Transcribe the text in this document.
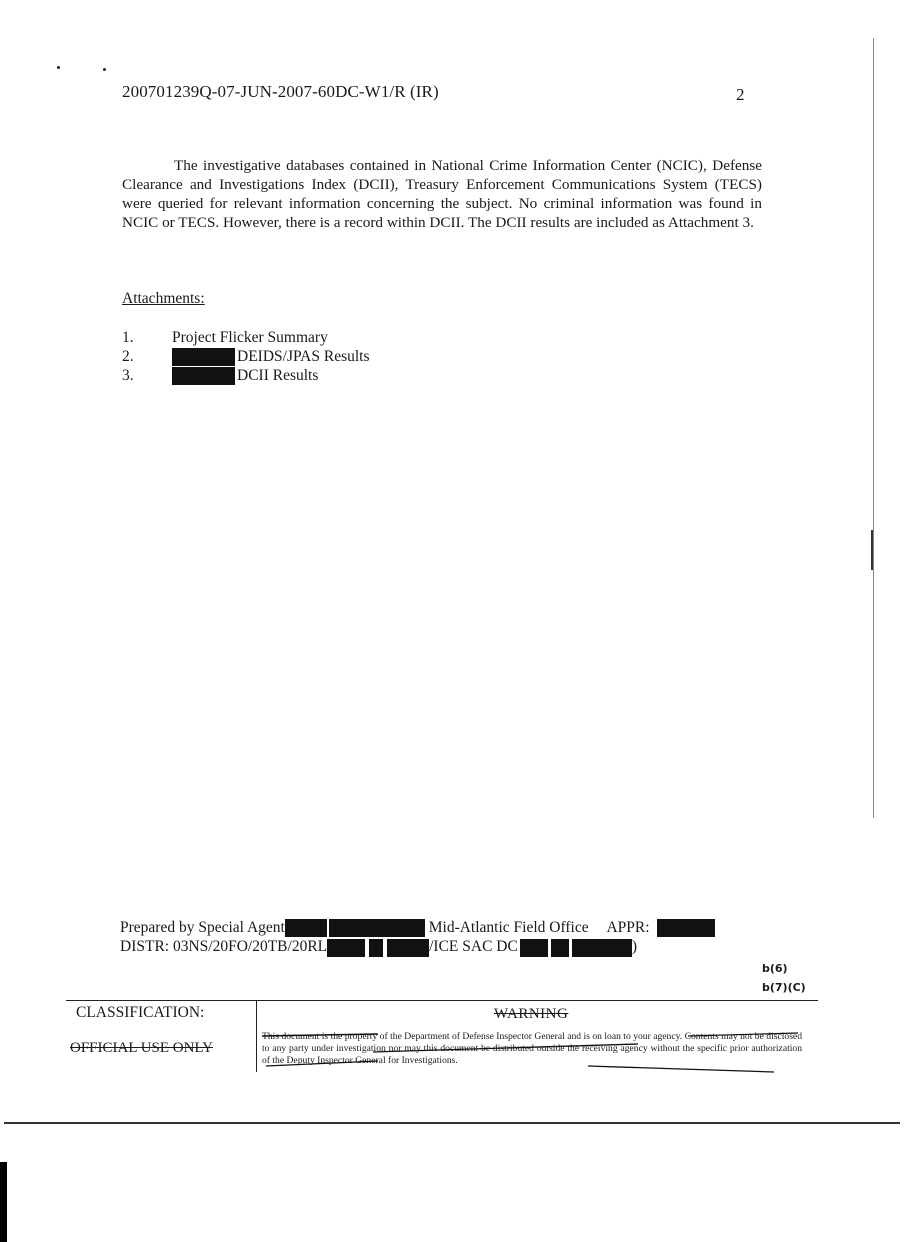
200701239Q-07-JUN-2007-60DC-W1/R (IR)	2
The investigative databases contained in National Crime Information Center (NCIC), Defense Clearance and Investigations Index (DCII), Treasury Enforcement Communications System (TECS) were queried for relevant information concerning the subject. No criminal information was found in NCIC or TECS. However, there is a record within DCII. The DCII results are included as Attachment 3.
Attachments:
1. Project Flicker Summary
2.	DEIDS/JPAS Results
3.	DCII Results
Prepared by Special Agent	Mid-Atlantic Field Office APPR:
DISTR: 03NS/20FO/20TB/20RL	/ICE SAC DC	)
b(6)
b(7)(C)
CLASSIFICATION:
OFFICIAL USE ONLY
WARNING
This document is the property of the Department of Defense Inspector General and is on loan to your agency. Contents may not be disclosed to any party under investigation nor may this document be distributed outside the receiving agency without the specific prior authorization of the Deputy Inspector General for Investigations.
